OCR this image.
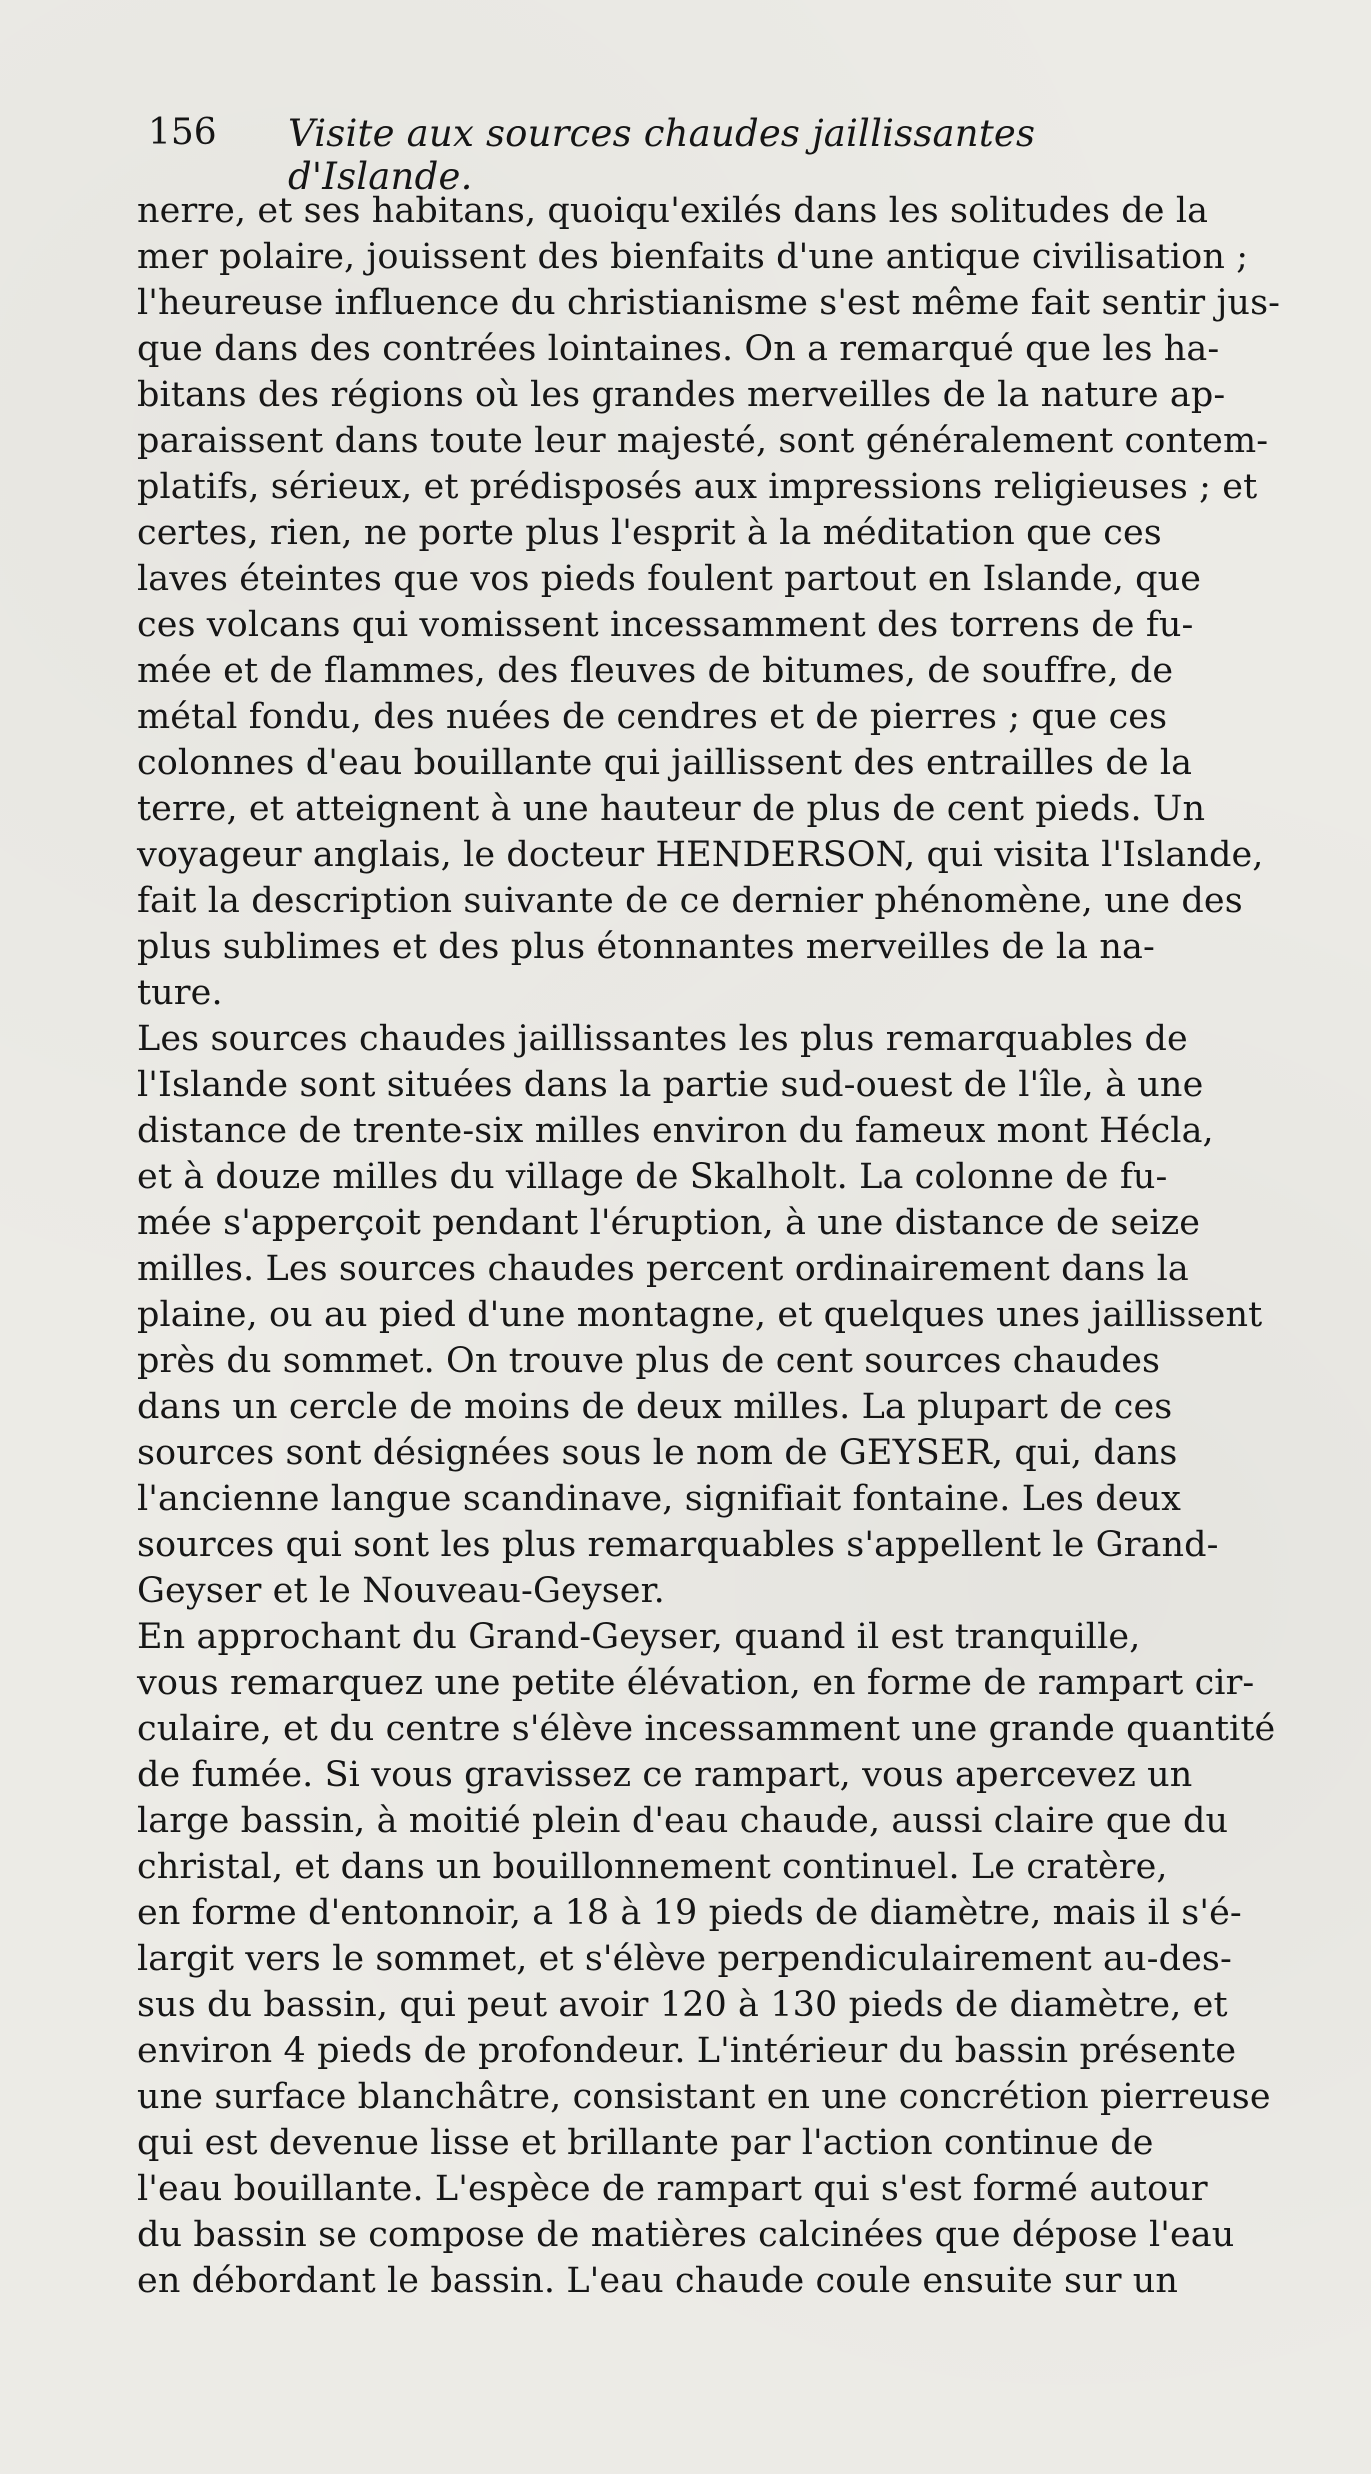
156 Visite aux sources chaudes jaillissantes d'Islande.
nerre, et ses habitans, quoiqu'exilés dans les solitudes de la
mer polaire, jouissent des bienfaits d'une antique civilisation ;
l'heureuse influence du christianisme s'est même fait sentir jus-
que dans des contrées lointaines. On a remarqué que les ha-
bitans des régions où les grandes merveilles de la nature ap-
paraissent dans toute leur majesté, sont généralement contem-
platifs, sérieux, et prédisposés aux impressions religieuses ; et
certes, rien, ne porte plus l'esprit à la méditation que ces
laves éteintes que vos pieds foulent partout en Islande, que
ces volcans qui vomissent incessamment des torrens de fu-
mée et de flammes, des fleuves de bitumes, de souffre, de
métal fondu, des nuées de cendres et de pierres ; que ces
colonnes d'eau bouillante qui jaillissent des entrailles de la
terre, et atteignent à une hauteur de plus de cent pieds. Un
voyageur anglais, le docteur HENDERSON, qui visita l'Islande,
fait la description suivante de ce dernier phénomène, une des
plus sublimes et des plus étonnantes merveilles de la na-
ture.
Les sources chaudes jaillissantes les plus remarquables de
l'Islande sont situées dans la partie sud-ouest de l'île, à une
distance de trente-six milles environ du fameux mont Hécla,
et à douze milles du village de Skalholt. La colonne de fu-
mée s'apperçoit pendant l'éruption, à une distance de seize
milles. Les sources chaudes percent ordinairement dans la
plaine, ou au pied d'une montagne, et quelques unes jaillissent
près du sommet. On trouve plus de cent sources chaudes
dans un cercle de moins de deux milles. La plupart de ces
sources sont désignées sous le nom de GEYSER, qui, dans
l'ancienne langue scandinave, signifiait fontaine. Les deux
sources qui sont les plus remarquables s'appellent le Grand-
Geyser et le Nouveau-Geyser.
En approchant du Grand-Geyser, quand il est tranquille,
vous remarquez une petite élévation, en forme de rampart cir-
culaire, et du centre s'élève incessamment une grande quantité
de fumée. Si vous gravissez ce rampart, vous apercevez un
large bassin, à moitié plein d'eau chaude, aussi claire que du
christal, et dans un bouillonnement continuel. Le cratère,
en forme d'entonnoir, a 18 à 19 pieds de diamètre, mais il s'é-
largit vers le sommet, et s'élève perpendiculairement au-des-
sus du bassin, qui peut avoir 120 à 130 pieds de diamètre, et
environ 4 pieds de profondeur. L'intérieur du bassin présente
une surface blanchâtre, consistant en une concrétion pierreuse
qui est devenue lisse et brillante par l'action continue de
l'eau bouillante. L'espèce de rampart qui s'est formé autour
du bassin se compose de matières calcinées que dépose l'eau
en débordant le bassin. L'eau chaude coule ensuite sur un
